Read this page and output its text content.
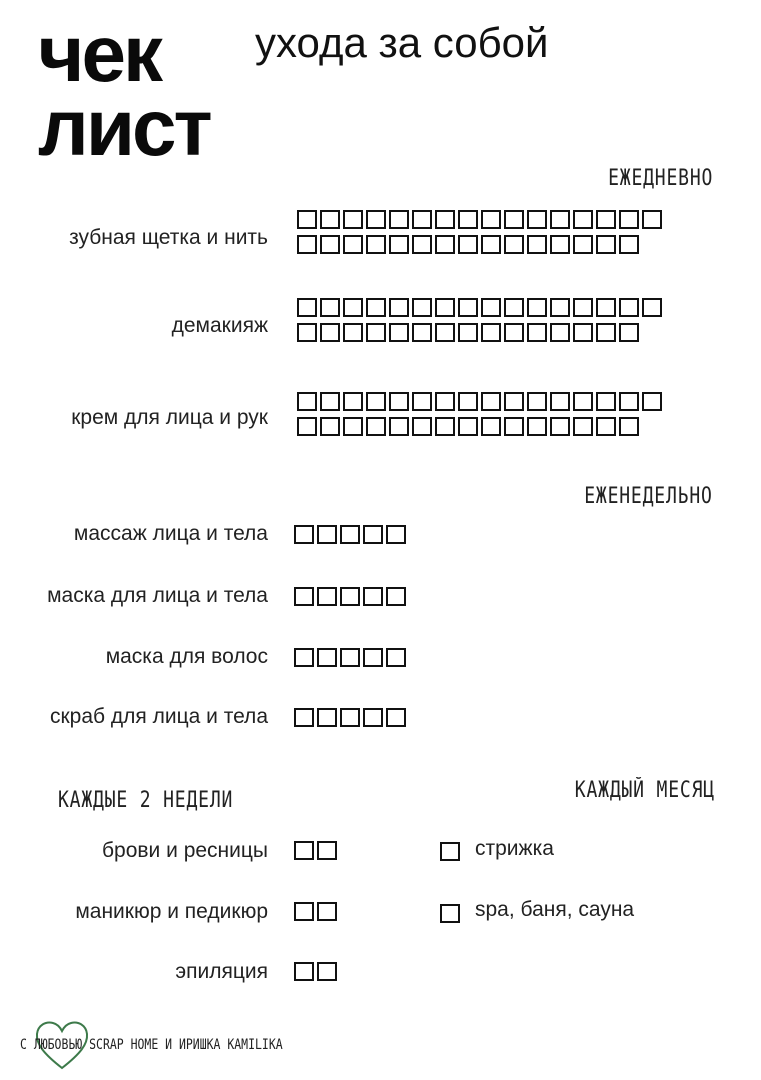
чек
лист
ухода за собой
ЕЖЕДНЕВНО
зубная щетка и нить
демакияж
крем для лица и рук
ЕЖЕНЕДЕЛЬНО
массаж лица и тела
маска для лица и тела
маска для волос
скраб для лица и тела
КАЖДЫЕ 2 НЕДЕЛИ
брови и ресницы
маникюр и педикюр
эпиляция
КАЖДЫЙ МЕСЯЦ
стрижка
spa, баня, сауна
С ЛЮБОВЬЮ SCRAP HOME И ИРИШКА KAMILIKA
